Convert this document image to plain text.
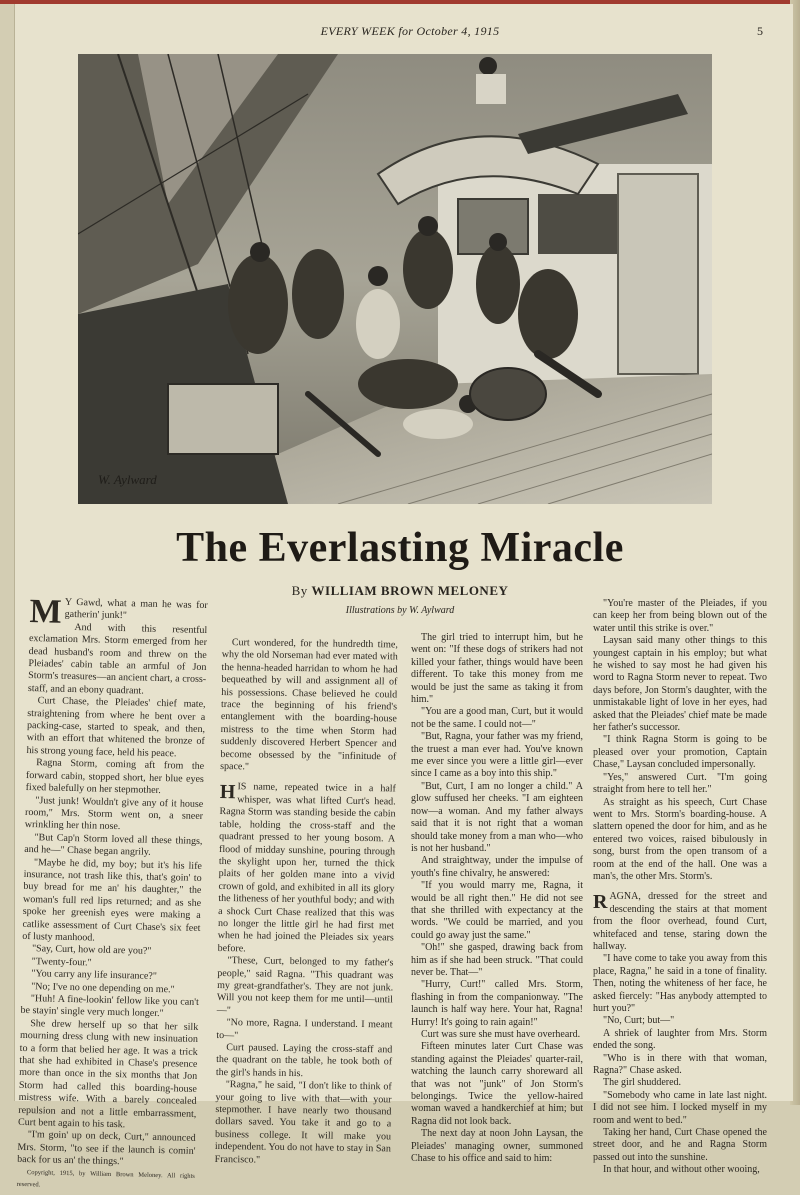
EVERY WEEK for October 4, 1915	5
W. Aylward
The Everlasting Miracle
By WILLIAM BROWN MELONEY
Illustrations by W. Aylward

M Y Gawd, what a man he was for gatherin' junk!"

And with this resentful exclamation Mrs. Storm emerged from her dead husband's room and threw on the Pleiades' cabin table an armful of Jon Storm's treasures—an ancient chart, a cross-staff, and an ebony quadrant.

Curt Chase, the Pleiades' chief mate, straightening from where he bent over a packing-case, started to speak, and then, with an effort that whitened the bronze of his strong young face, held his peace.

Ragna Storm, coming aft from the forward cabin, stopped short, her blue eyes fixed balefully on her stepmother.

"Just junk! Wouldn't give any of it house room," Mrs. Storm went on, a sneer wrinkling her thin nose.

"But Cap'n Storm loved all these things, and he—" Chase began angrily.

"Maybe he did, my boy; but it's his life insurance, not trash like this, that's goin' to buy bread for me an' his daughter," the woman's full red lips returned; and as she spoke her greenish eyes were making a catlike assessment of Curt Chase's six feet of lusty manhood.

"Say, Curt, how old are you?"

"Twenty-four."

"You carry any life insurance?"

"No; I've no one depending on me."

"Huh! A fine-lookin' fellow like you can't be stayin' single very much longer."

She drew herself up so that her silk mourning dress clung with new insinuation to a form that belied her age. It was a trick that she had exhibited in Chase's presence more than once in the six months that Jon Storm had called this boarding-house mistress wife. With a barely concealed repulsion and not a little embarrassment, Curt bent again to his task.

"I'm goin' up on deck, Curt," announced Mrs. Storm, "to see if the launch is comin' back for us an' the things."

Copyright, 1915, by William Brown Meloney. All rights reserved.

Curt wondered, for the hundredth time, why the old Norseman had ever mated with the henna-headed harridan to whom he had bequeathed by will and assignment all of his possessions. Chase believed he could trace the beginning of his friend's entanglement with the boarding-house mistress to the time when Storm had suddenly discovered Herbert Spencer and become obsessed by the "infinitude of space."

H IS name, repeated twice in a half whisper, was what lifted Curt's head. Ragna Storm was standing beside the cabin table, holding the cross-staff and the quadrant pressed to her young bosom. A flood of midday sunshine, pouring through the skylight upon her, turned the thick plaits of her golden mane into a vivid crown of gold, and exhibited in all its glory the litheness of her youthful body; and with a shock Curt Chase realized that this was no longer the little girl he had first met when he had joined the Pleiades six years before.

"These, Curt, belonged to my father's people," said Ragna. "This quadrant was my great-grandfather's. They are not junk. Will you not keep them for me until—until—"

"No more, Ragna. I understand. I meant to—"

Curt paused. Laying the cross-staff and the quadrant on the table, he took both of the girl's hands in his.

"Ragna," he said, "I don't like to think of your going to live with that—with your stepmother. I have nearly two thousand dollars saved. You take it and go to a business college. It will make you independent. You do not have to stay in San Francisco."

The girl tried to interrupt him, but he went on: "If these dogs of strikers had not killed your father, things would have been different. To take this money from me would be just the same as taking it from him."

"You are a good man, Curt, but it would not be the same. I could not—"

"But, Ragna, your father was my friend, the truest a man ever had. You've known me ever since you were a little girl—ever since I came as a boy into this ship."

"But, Curt, I am no longer a child." A glow suffused her cheeks. "I am eighteen now—a woman. And my father always said that it is not right that a woman should take money from a man who—who is not her husband."

And straightway, under the impulse of youth's fine chivalry, he answered:

"If you would marry me, Ragna, it would be all right then." He did not see that she thrilled with expectancy at the words. "We could be married, and you could go away just the same."

"Oh!" she gasped, drawing back from him as if she had been struck. "That could never be. That—"

"Hurry, Curt!" called Mrs. Storm, flashing in from the companionway. "The launch is half way here. Your hat, Ragna! Hurry! It's going to rain again!"

Curt was sure she must have overheard.

Fifteen minutes later Curt Chase was standing against the Pleiades' quarter-rail, watching the launch carry shoreward all that was not "junk" of Jon Storm's belongings. Twice the yellow-haired woman waved a handkerchief at him; but Ragna did not look back.

The next day at noon John Laysan, the Pleiades' managing owner, summoned Chase to his office and said to him:

"You're master of the Pleiades, if you can keep her from being blown out of the water until this strike is over."

Laysan said many other things to this youngest captain in his employ; but what he wished to say most he had given his word to Ragna Storm never to repeat. Two days before, Jon Storm's daughter, with the unmistakable light of love in her eyes, had asked that the Pleiades' chief mate be made her father's successor.

"I think Ragna Storm is going to be pleased over your promotion, Captain Chase," Laysan concluded impersonally.

"Yes," answered Curt. "I'm going straight from here to tell her."

As straight as his speech, Curt Chase went to Mrs. Storm's boarding-house. A slattern opened the door for him, and as he entered two voices, raised bibulously in song, burst from the open transom of a room at the end of the hall. One was a man's, the other Mrs. Storm's.

R AGNA, dressed for the street and descending the stairs at that moment from the floor overhead, found Curt, whitefaced and tense, staring down the hallway.

"I have come to take you away from this place, Ragna," he said in a tone of finality. Then, noting the whiteness of her face, he asked fiercely: "Has anybody attempted to hurt you?"

"No, Curt; but—"

A shriek of laughter from Mrs. Storm ended the song.

"Who is in there with that woman, Ragna?" Chase asked.

The girl shuddered.

"Somebody who came in late last night. I did not see him. I locked myself in my room and went to bed."

Taking her hand, Curt Chase opened the street door, and he and Ragna Storm passed out into the sunshine.

In that hour, and without other wooing,
